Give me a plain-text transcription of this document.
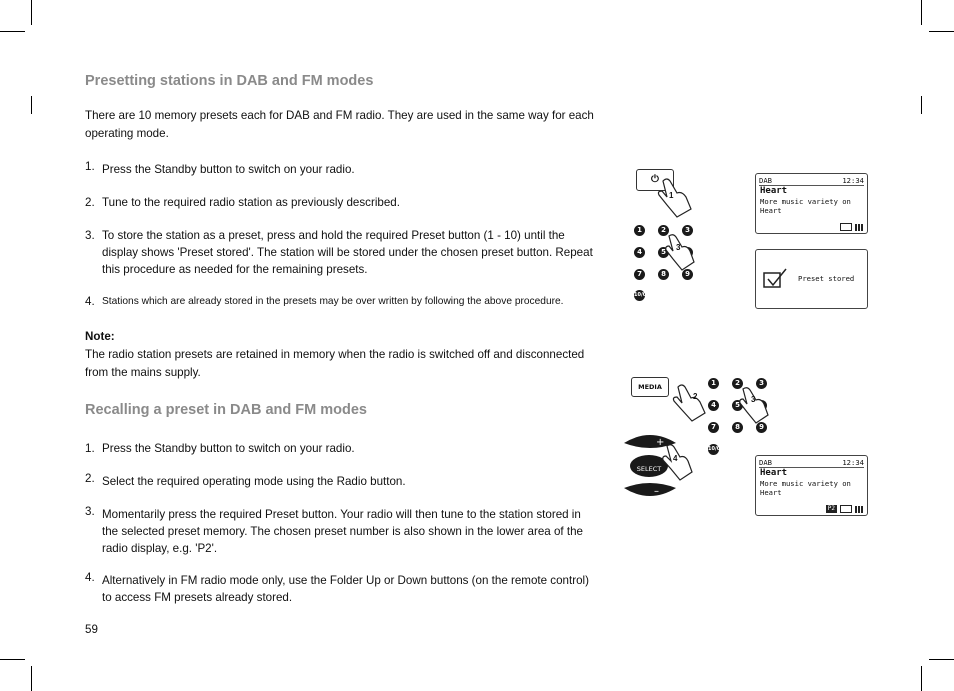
Presetting stations in DAB and FM modes
There are 10 memory presets each for DAB and FM radio. They are used in the same way for each operating mode.
1. Press the Standby button to switch on your radio.
2. Tune to the required radio station as previously described.
3. To store the station as a preset, press and hold the required Preset button (1 - 10) until the display shows 'Preset stored'. The station will be stored under the chosen preset button. Repeat this procedure as needed for the remaining presets.
4. Stations which are already stored in the presets may be over written by following the above procedure.
Note:
The radio station presets are retained in memory when the radio is switched off and disconnected from the mains supply.
Recalling a preset in DAB and FM modes
1. Press the Standby button to switch on your radio.
2. Select the required operating mode using the Radio button.
3. Momentarily press the required Preset button. Your radio will then tune to the station stored in the selected preset memory. The chosen preset number is also shown in the lower area of the radio display, e.g. 'P2'.
4. Alternatively in FM radio mode only, use the Folder Up or Down buttons (on the remote control) to access FM presets already stored.
59
⏻
1
1	2	3
4	5
7	8	9
10/0
3
DAB	12:34
Heart
More music variety on
Heart
Preset stored
MEDIA
2
1	2	3
4	5
7	8	9
10/0
3
+
SELECT
–
4	DAB	12:34
Heart
More music variety on
Heart
P2
